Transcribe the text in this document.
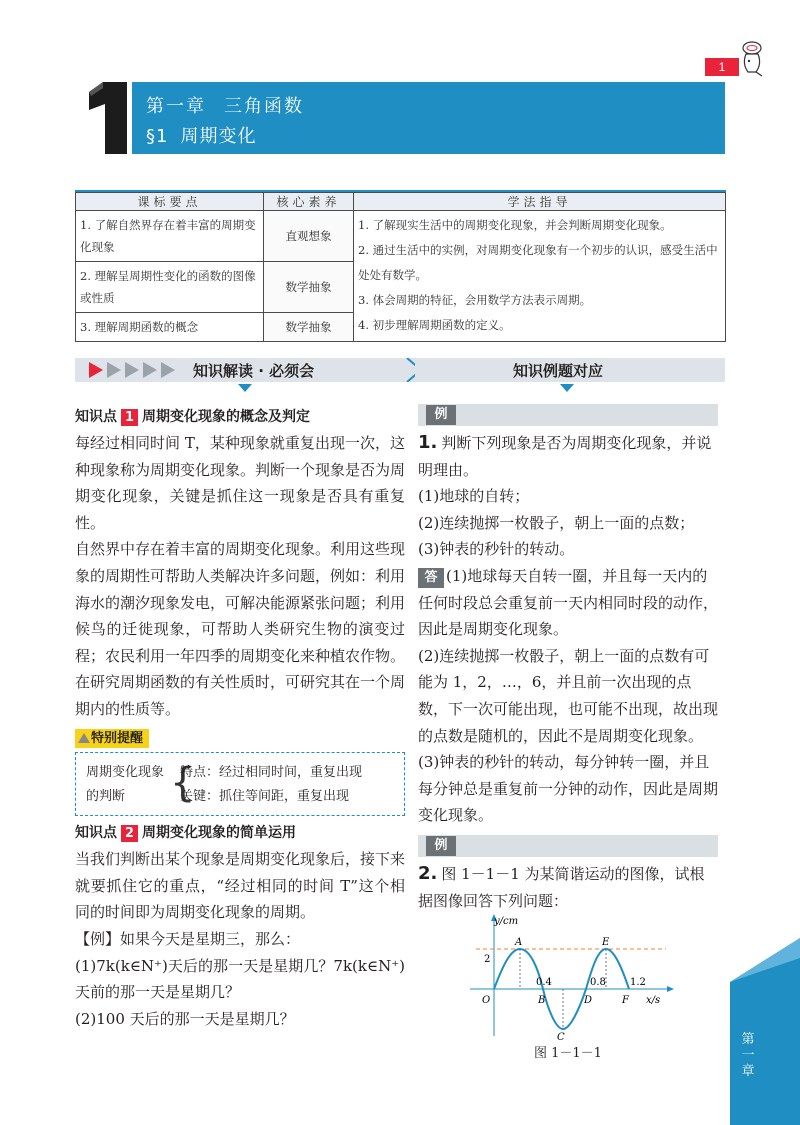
1
第一章 三角函数
§1 周期变化
课标要点	核心素养	学法指导
1. 了解自然界存在着丰富的周期变化现象	直观想象	1. 了解现实生活中的周期变化现象，并会判断周期变化现象。
2. 通过生活中的实例，对周期变化现象有一个初步的认识，感受生活中处处有数学。
3. 体会周期的特征，会用数学方法表示周期。
4. 初步理解周期函数的定义。

2. 理解呈周期性变化的函数的图像或性质	数学抽象	
3. 理解周期函数的概念	数学抽象	
知识解读 · 必须会	知识例题对应
知识点 1 周期变化现象的概念及判定

每经过相同时间 T，某种现象就重复出现一次，这种现象称为周期变化现象。判断一个现象是否为周期变化现象，关键是抓住这一现象是否具有重复性。

自然界中存在着丰富的周期变化现象。利用这些现象的周期性可帮助人类解决许多问题，例如：利用海水的潮汐现象发电，可解决能源紧张问题；利用候鸟的迁徙现象，可帮助人类研究生物的演变过程；农民利用一年四季的周期变化来种植农作物。在研究周期函数的有关性质时，可研究其在一个周期内的性质等。

特别提醒
周期变化现象的判断	{
特点：经过相同时间，重复出现
关键：抓住等间距，重复出现
知识点 2 周期变化现象的简单运用

当我们判断出某个现象是周期变化现象后，接下来就要抓住它的重点，“经过相同的时间 T”这个相同的时间即为周期变化现象的周期。

【例】如果今天是星期三，那么：

(1)7k(k∈N⁺)天后的那一天是星期几？7k(k∈N⁺)天前的那一天是星期几？

(2)100 天后的那一天是星期几？

例

1. 判断下列现象是否为周期变化现象，并说明理由。

(1)地球的自转；

(2)连续抛掷一枚骰子，朝上一面的点数；

(3)钟表的秒针的转动。

答 (1)地球每天自转一圈，并且每一天内的任何时段总会重复前一天内相同时段的动作，因此是周期变化现象。

(2)连续抛掷一枚骰子，朝上一面的点数有可能为 1，2，…，6，并且前一次出现的点数，下一次可能出现，也可能不出现，故出现的点数是随机的，因此不是周期变化现象。

(3)钟表的秒针的转动，每分钟转一圈，并且每分钟总是重复前一分钟的动作，因此是周期变化现象。

例

2. 图 1－1－1 为某简谐运动的图像，试根据图像回答下列问题：

y/cm
x/s
O
2
0.4	0.8 1.2
A
B
C
D
E
F
图 1－1－1
第一章
